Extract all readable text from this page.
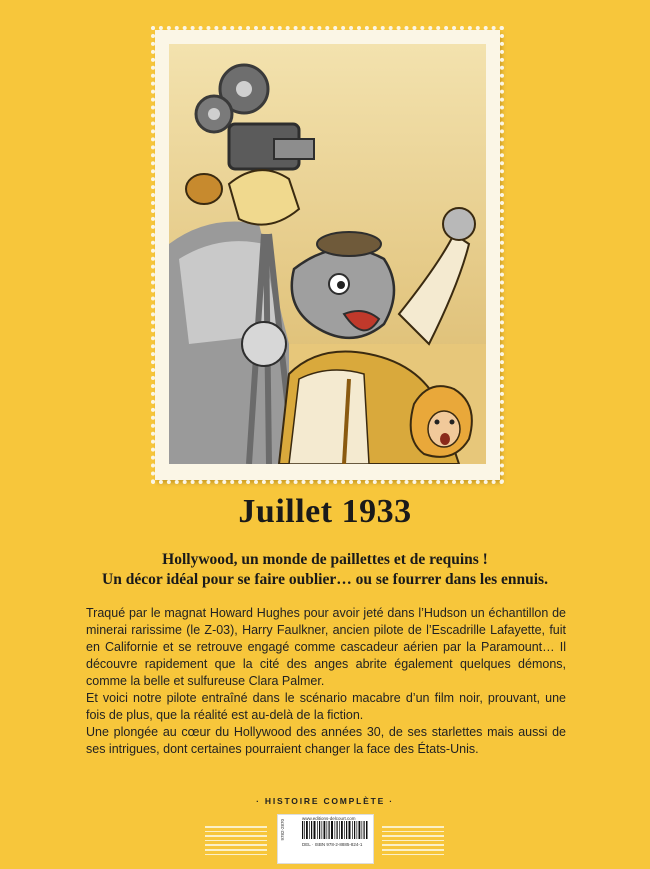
Juillet 1933
Hollywood, un monde de paillettes et de requins !
Un décor idéal pour se faire oublier… ou se fourrer dans les ennuis.

Traqué par le magnat Howard Hughes pour avoir jeté dans l’Hudson un échantillon de minerai rarissime (le Z-03), Harry Faulkner, ancien pilote de l’Escadrille Lafayette, fuit en Californie et se retrouve engagé comme cascadeur aérien par la Paramount… Il découvre rapidement que la cité des anges abrite également quelques démons, comme la belle et sulfureuse Clara Palmer.

Et voici notre pilote entraîné dans le scénario macabre d’un film noir, prouvant, une fois de plus, que la réalité est au-delà de la fiction.

Une plongée au cœur du Hollywood des années 30, de ses starlettes mais aussi de ses intrigues, dont certaines pourraient changer la face des États-Unis.

· HISTOIRE COMPLÈTE ·
9782-2870
www.editions-delcourt.com
DEL · ISBN 978-2-8885-824-1
